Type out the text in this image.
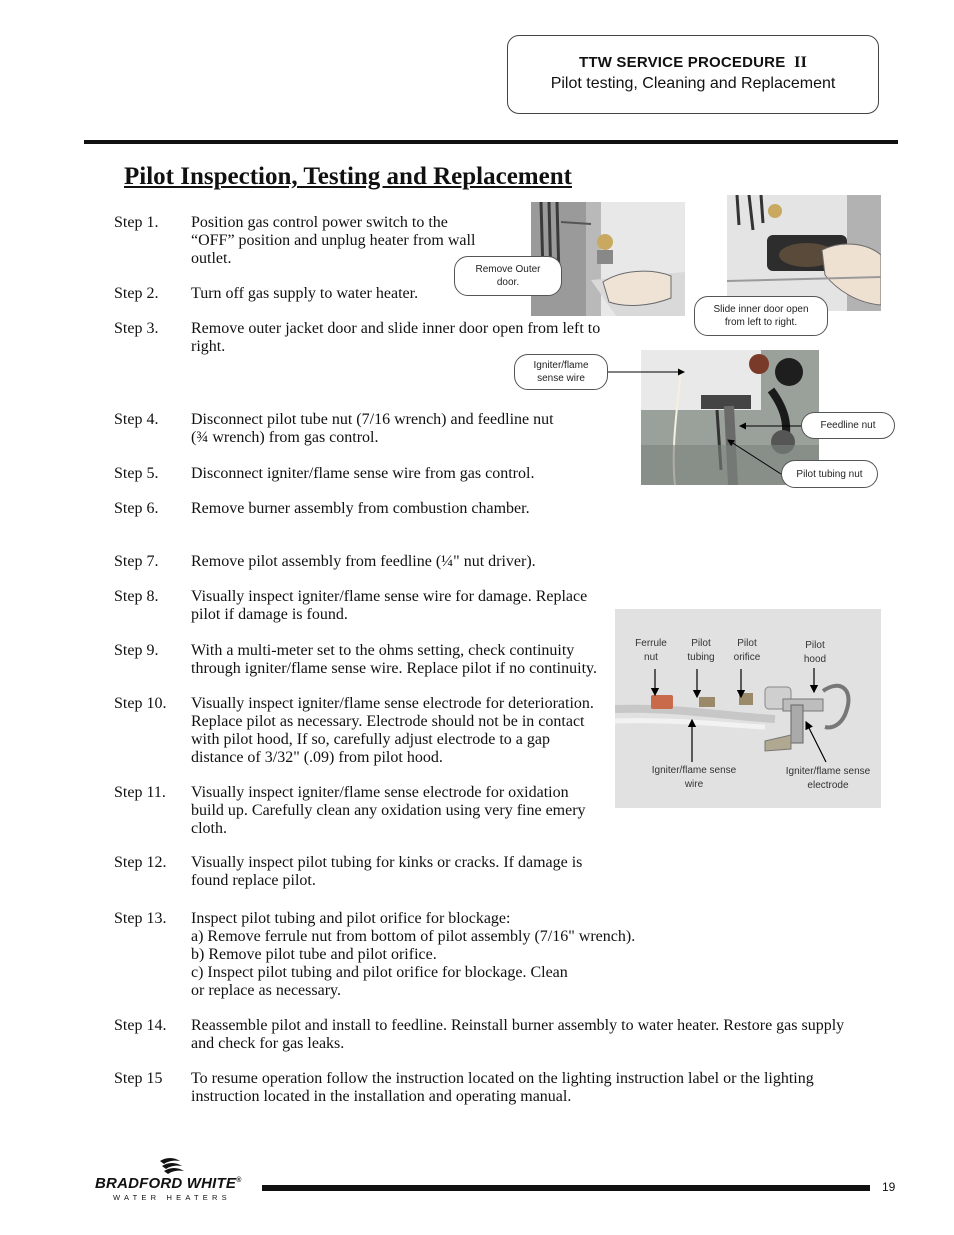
TTW SERVICE PROCEDURE II
Pilot testing, Cleaning and Replacement
Pilot Inspection, Testing and Replacement
Step 1. Position gas control power switch to the
“OFF” position and unplug heater from wall
outlet.
Step 2. Turn off gas supply to water heater.
Step 3. Remove outer jacket door and slide inner door open from left to
right.
Step 4. Disconnect pilot tube nut (7/16 wrench) and feedline nut
(¾ wrench) from gas control.
Step 5. Disconnect igniter/flame sense wire from gas control.
Step 6. Remove burner assembly from combustion chamber.
Step 7. Remove pilot assembly from feedline (¼" nut driver).
Step 8. Visually inspect igniter/flame sense wire for damage. Replace
pilot if damage is found.
Step 9. With a multi-meter set to the ohms setting, check continuity
through igniter/flame sense wire. Replace pilot if no continuity.
Step 10. Visually inspect igniter/flame sense electrode for deterioration.
Replace pilot as necessary. Electrode should not be in contact
with pilot hood, If so, carefully adjust electrode to a gap
distance of 3/32" (.09) from pilot hood.
Step 11. Visually inspect igniter/flame sense electrode for oxidation
build up. Carefully clean any oxidation using very fine emery
cloth.
Step 12. Visually inspect pilot tubing for kinks or cracks. If damage is
found replace pilot.
Step 13. Inspect pilot tubing and pilot orifice for blockage:
a) Remove ferrule nut from bottom of pilot assembly (7/16" wrench).
b) Remove pilot tube and pilot orifice.
c) Inspect pilot tubing and pilot orifice for blockage. Clean
or replace as necessary.
Step 14. Reassemble pilot and install to feedline. Reinstall burner assembly to water heater. Restore gas supply
and check for gas leaks.
Step 15 To resume operation follow the instruction located on the lighting instruction label or the lighting
instruction located in the installation and operating manual.
Remove Outer
door.
Slide inner door open
from left to right.
Igniter/flame
sense wire
Feedline nut
Pilot tubing nut
Ferrule
nut
Pilot
tubing
Pilot
orifice
Pilot
hood
Igniter/flame sense
wire
Igniter/flame sense
electrode
BRADFORD WHITE®
WATER HEATERS
19
